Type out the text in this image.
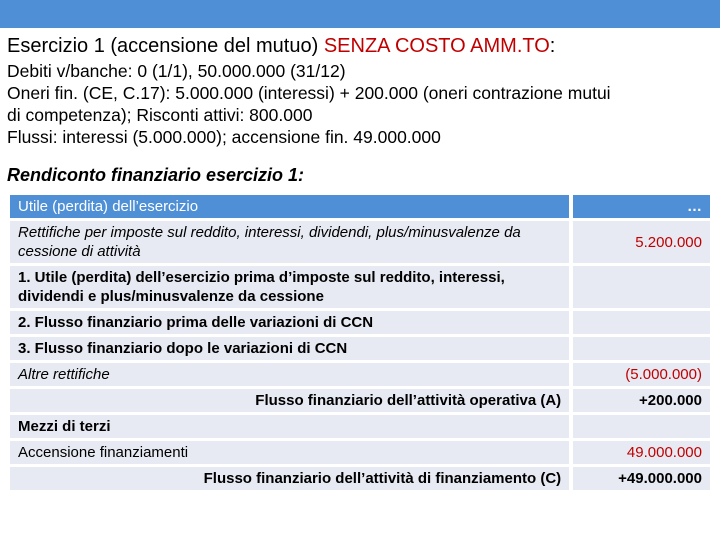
Esercizio 1 (accensione del mutuo) SENZA COSTO AMM.TO:
Debiti v/banche: 0 (1/1), 50.000.000 (31/12)
Oneri fin. (CE, C.17): 5.000.000 (interessi) + 200.000 (oneri contrazione mutui
di competenza); Risconti attivi: 800.000
Flussi: interessi (5.000.000); accensione fin. 49.000.000
Rendiconto finanziario esercizio 1:
Utile (perdita) dell’esercizio		…
Rettifiche per imposte sul reddito, interessi, dividendi, plus/minusvalenze da cessione di attività		5.200.000
1. Utile (perdita) dell’esercizio prima d’imposte sul reddito, interessi, dividendi e plus/minusvalenze da cessione		
2. Flusso finanziario prima delle variazioni di CCN		
3. Flusso finanziario dopo le variazioni di CCN		
Altre rettifiche		(5.000.000)
Flusso finanziario dell’attività operativa (A)		+200.000
Mezzi di terzi		
Accensione finanziamenti		49.000.000
Flusso finanziario dell’attività di finanziamento (C)		+49.000.000
